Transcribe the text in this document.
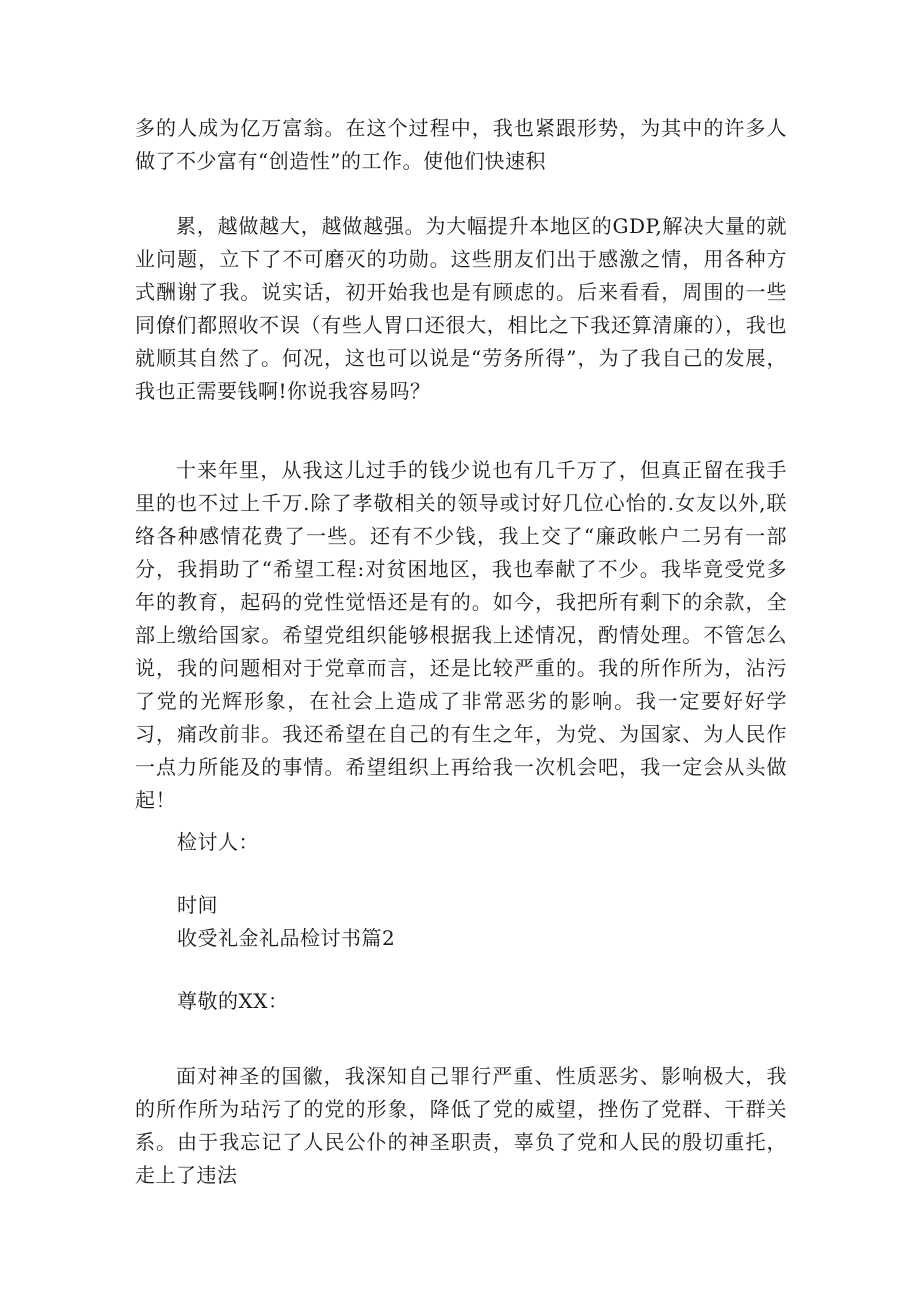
多的人成为亿万富翁。在这个过程中，我也紧跟形势，为其中的许多人做了不少富有“创造性”的工作。使他们快速积

累，越做越大，越做越强。为大幅提升本地区的GDP,解决大量的就业问题，立下了不可磨灭的功勋。这些朋友们出于感激之情，用各种方式酬谢了我。说实话，初开始我也是有顾虑的。后来看看，周围的一些同僚们都照收不误（有些人胃口还很大，相比之下我还算清廉的），我也就顺其自然了。何况，这也可以说是“劳务所得”，为了我自己的发展，我也正需要钱啊!你说我容易吗？

十来年里，从我这儿过手的钱少说也有几千万了，但真正留在我手里的也不过上千万.除了孝敬相关的领导或讨好几位心怡的.女友以外,联络各种感情花费了一些。还有不少钱，我上交了“廉政帐户二另有一部分，我捐助了“希望工程:对贫困地区，我也奉献了不少。我毕竟受党多年的教育，起码的党性觉悟还是有的。如今，我把所有剩下的余款，全部上缴给国家。希望党组织能够根据我上述情况，酌情处理。不管怎么说，我的问题相对于党章而言，还是比较严重的。我的所作所为，沾污了党的光辉形象，在社会上造成了非常恶劣的影响。我一定要好好学习，痛改前非。我还希望在自己的有生之年，为党、为国家、为人民作一点力所能及的事情。希望组织上再给我一次机会吧，我一定会从头做起！

检讨人：

时间

收受礼金礼品检讨书篇2

尊敬的XX：

面对神圣的国徽，我深知自己罪行严重、性质恶劣、影响极大，我的所作所为玷污了的党的形象，降低了党的威望，挫伤了党群、干群关系。由于我忘记了人民公仆的神圣职责，辜负了党和人民的殷切重托，走上了违法
